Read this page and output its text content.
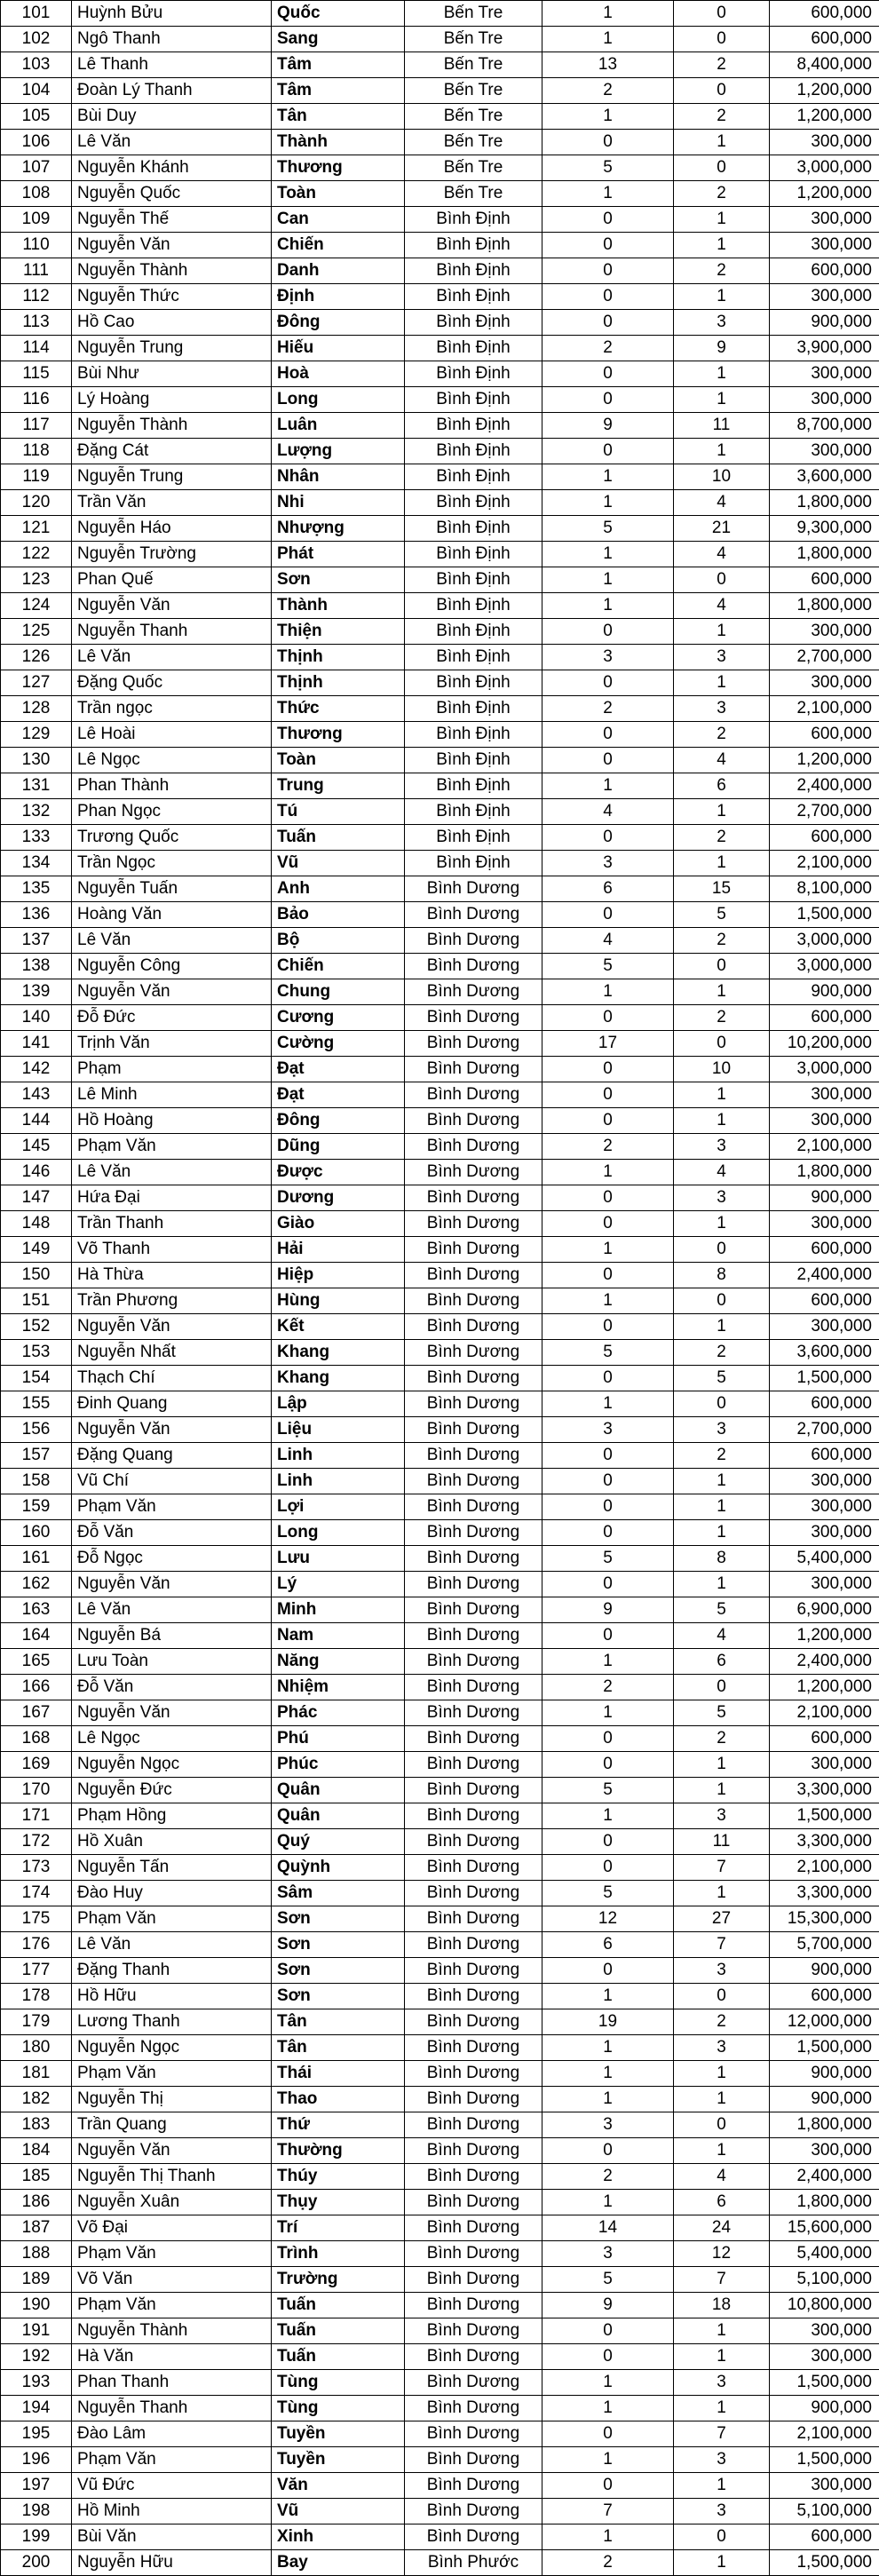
101	Huỳnh Bửu	Quốc	Bến Tre	1	0	600,000
102	Ngô Thanh	Sang	Bến Tre	1	0	600,000
103	Lê Thanh	Tâm	Bến Tre	13	2	8,400,000
104	Đoàn Lý Thanh	Tâm	Bến Tre	2	0	1,200,000
105	Bùi Duy	Tân	Bến Tre	1	2	1,200,000
106	Lê Văn	Thành	Bến Tre	0	1	300,000
107	Nguyễn Khánh	Thương	Bến Tre	5	0	3,000,000
108	Nguyễn Quốc	Toàn	Bến Tre	1	2	1,200,000
109	Nguyễn Thế	Can	Bình Định	0	1	300,000
110	Nguyễn Văn	Chiến	Bình Định	0	1	300,000
111	Nguyễn Thành	Danh	Bình Định	0	2	600,000
112	Nguyễn Thức	Định	Bình Định	0	1	300,000
113	Hồ Cao	Đông	Bình Định	0	3	900,000
114	Nguyễn Trung	Hiếu	Bình Định	2	9	3,900,000
115	Bùi Như	Hoà	Bình Định	0	1	300,000
116	Lý Hoàng	Long	Bình Định	0	1	300,000
117	Nguyễn Thành	Luân	Bình Định	9	11	8,700,000
118	Đặng Cát	Lượng	Bình Định	0	1	300,000
119	Nguyễn Trung	Nhân	Bình Định	1	10	3,600,000
120	Trần Văn	Nhi	Bình Định	1	4	1,800,000
121	Nguyễn Háo	Nhượng	Bình Định	5	21	9,300,000
122	Nguyễn Trường	Phát	Bình Định	1	4	1,800,000
123	Phan Quế	Sơn	Bình Định	1	0	600,000
124	Nguyễn Văn	Thành	Bình Định	1	4	1,800,000
125	Nguyễn Thanh	Thiện	Bình Định	0	1	300,000
126	Lê Văn	Thịnh	Bình Định	3	3	2,700,000
127	Đặng Quốc	Thịnh	Bình Định	0	1	300,000
128	Trần ngọc	Thức	Bình Định	2	3	2,100,000
129	Lê Hoài	Thương	Bình Định	0	2	600,000
130	Lê Ngọc	Toàn	Bình Định	0	4	1,200,000
131	Phan Thành	Trung	Bình Định	1	6	2,400,000
132	Phan Ngọc	Tú	Bình Định	4	1	2,700,000
133	Trương Quốc	Tuấn	Bình Định	0	2	600,000
134	Trần Ngọc	Vũ	Bình Định	3	1	2,100,000
135	Nguyễn Tuấn	Anh	Bình Dương	6	15	8,100,000
136	Hoàng Văn	Bảo	Bình Dương	0	5	1,500,000
137	Lê Văn	Bộ	Bình Dương	4	2	3,000,000
138	Nguyễn Công	Chiến	Bình Dương	5	0	3,000,000
139	Nguyễn Văn	Chung	Bình Dương	1	1	900,000
140	Đỗ Đức	Cương	Bình Dương	0	2	600,000
141	Trịnh Văn	Cường	Bình Dương	17	0	10,200,000
142	Phạm	Đạt	Bình Dương	0	10	3,000,000
143	Lê Minh	Đạt	Bình Dương	0	1	300,000
144	Hồ Hoàng	Đông	Bình Dương	0	1	300,000
145	Phạm Văn	Dũng	Bình Dương	2	3	2,100,000
146	Lê Văn	Được	Bình Dương	1	4	1,800,000
147	Hứa Đại	Dương	Bình Dương	0	3	900,000
148	Trần Thanh	Giào	Bình Dương	0	1	300,000
149	Võ Thanh	Hải	Bình Dương	1	0	600,000
150	Hà Thừa	Hiệp	Bình Dương	0	8	2,400,000
151	Trần Phương	Hùng	Bình Dương	1	0	600,000
152	Nguyễn Văn	Kết	Bình Dương	0	1	300,000
153	Nguyễn Nhất	Khang	Bình Dương	5	2	3,600,000
154	Thạch Chí	Khang	Bình Dương	0	5	1,500,000
155	Đinh Quang	Lập	Bình Dương	1	0	600,000
156	Nguyễn Văn	Liệu	Bình Dương	3	3	2,700,000
157	Đặng Quang	Linh	Bình Dương	0	2	600,000
158	Vũ Chí	Linh	Bình Dương	0	1	300,000
159	Phạm Văn	Lợi	Bình Dương	0	1	300,000
160	Đỗ Văn	Long	Bình Dương	0	1	300,000
161	Đỗ Ngọc	Lưu	Bình Dương	5	8	5,400,000
162	Nguyễn Văn	Lý	Bình Dương	0	1	300,000
163	Lê Văn	Minh	Bình Dương	9	5	6,900,000
164	Nguyễn Bá	Nam	Bình Dương	0	4	1,200,000
165	Lưu Toàn	Năng	Bình Dương	1	6	2,400,000
166	Đỗ Văn	Nhiệm	Bình Dương	2	0	1,200,000
167	Nguyễn Văn	Phác	Bình Dương	1	5	2,100,000
168	Lê Ngọc	Phú	Bình Dương	0	2	600,000
169	Nguyễn Ngọc	Phúc	Bình Dương	0	1	300,000
170	Nguyễn Đức	Quân	Bình Dương	5	1	3,300,000
171	Phạm Hồng	Quân	Bình Dương	1	3	1,500,000
172	Hồ Xuân	Quý	Bình Dương	0	11	3,300,000
173	Nguyễn Tấn	Quỳnh	Bình Dương	0	7	2,100,000
174	Đào Huy	Sâm	Bình Dương	5	1	3,300,000
175	Phạm Văn	Sơn	Bình Dương	12	27	15,300,000
176	Lê Văn	Sơn	Bình Dương	6	7	5,700,000
177	Đặng Thanh	Sơn	Bình Dương	0	3	900,000
178	Hồ Hữu	Sơn	Bình Dương	1	0	600,000
179	Lương Thanh	Tân	Bình Dương	19	2	12,000,000
180	Nguyễn Ngọc	Tân	Bình Dương	1	3	1,500,000
181	Phạm Văn	Thái	Bình Dương	1	1	900,000
182	Nguyễn Thị	Thao	Bình Dương	1	1	900,000
183	Trần Quang	Thứ	Bình Dương	3	0	1,800,000
184	Nguyễn Văn	Thường	Bình Dương	0	1	300,000
185	Nguyễn Thị Thanh	Thúy	Bình Dương	2	4	2,400,000
186	Nguyễn Xuân	Thụy	Bình Dương	1	6	1,800,000
187	Võ Đại	Trí	Bình Dương	14	24	15,600,000
188	Phạm Văn	Trình	Bình Dương	3	12	5,400,000
189	Võ Văn	Trường	Bình Dương	5	7	5,100,000
190	Phạm Văn	Tuấn	Bình Dương	9	18	10,800,000
191	Nguyễn Thành	Tuấn	Bình Dương	0	1	300,000
192	Hà Văn	Tuấn	Bình Dương	0	1	300,000
193	Phan Thanh	Tùng	Bình Dương	1	3	1,500,000
194	Nguyễn Thanh	Tùng	Bình Dương	1	1	900,000
195	Đào Lâm	Tuyền	Bình Dương	0	7	2,100,000
196	Phạm Văn	Tuyền	Bình Dương	1	3	1,500,000
197	Vũ Đức	Văn	Bình Dương	0	1	300,000
198	Hồ Minh	Vũ	Bình Dương	7	3	5,100,000
199	Bùi Văn	Xinh	Bình Dương	1	0	600,000
200	Nguyễn Hữu	Bay	Bình Phước	2	1	1,500,000
